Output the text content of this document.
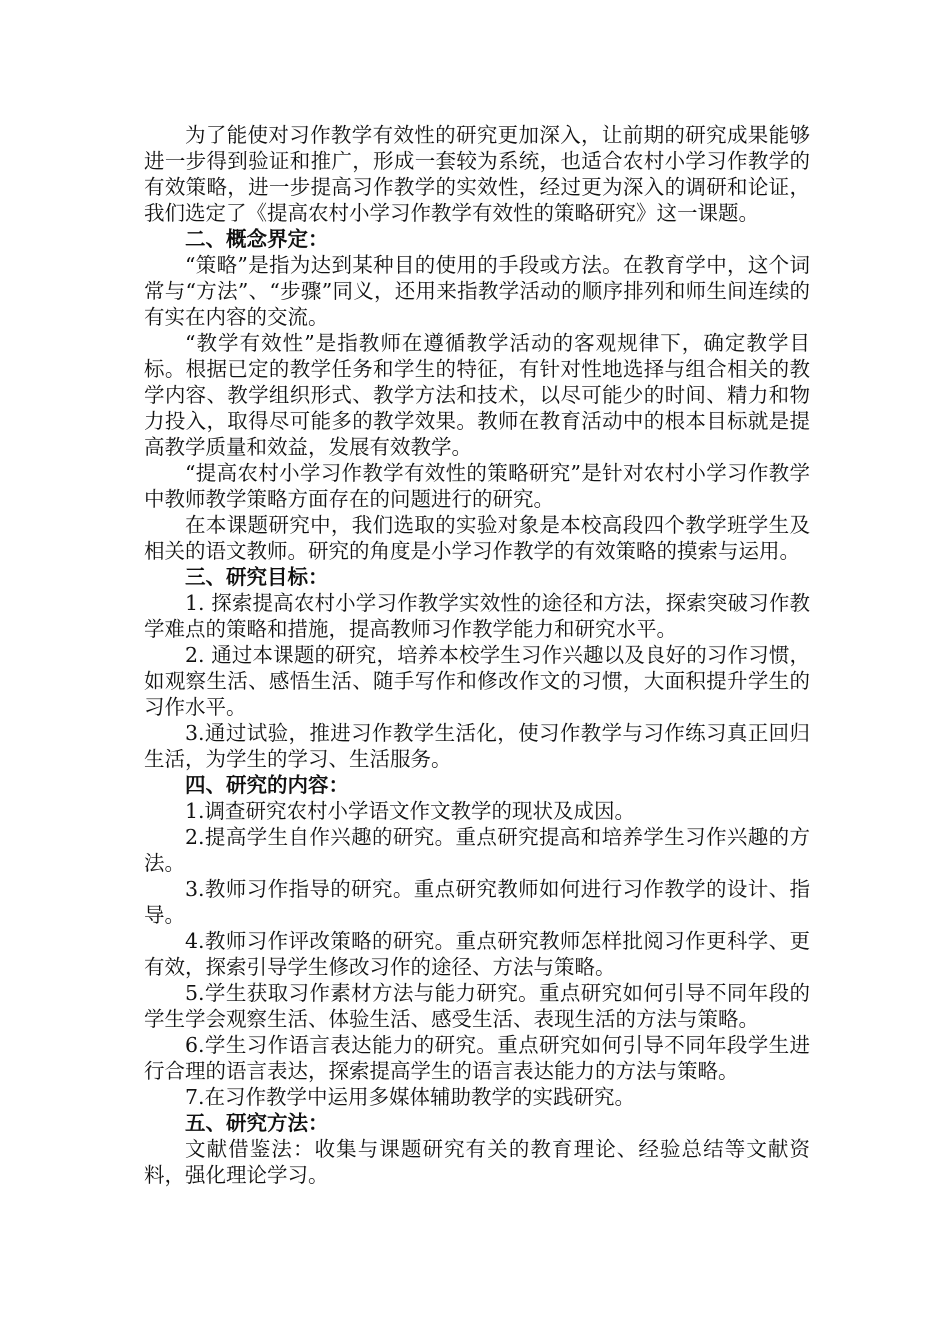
为了能使对习作教学有效性的研究更加深入，让前期的研究成果能够进一步得到验证和推广，形成一套较为系统，也适合农村小学习作教学的有效策略，进一步提高习作教学的实效性，经过更为深入的调研和论证，我们选定了《提高农村小学习作教学有效性的策略研究》这一课题。

二、概念界定：

“策略”是指为达到某种目的使用的手段或方法。在教育学中，这个词常与“方法”、“步骤”同义，还用来指教学活动的顺序排列和师生间连续的有实在内容的交流。

“教学有效性”是指教师在遵循教学活动的客观规律下，确定教学目标。根据已定的教学任务和学生的特征，有针对性地选择与组合相关的教学内容、教学组织形式、教学方法和技术，以尽可能少的时间、精力和物力投入，取得尽可能多的教学效果。教师在教育活动中的根本目标就是提高教学质量和效益，发展有效教学。

“提高农村小学习作教学有效性的策略研究”是针对农村小学习作教学中教师教学策略方面存在的问题进行的研究。

在本课题研究中，我们选取的实验对象是本校高段四个教学班学生及相关的语文教师。研究的角度是小学习作教学的有效策略的摸索与运用。

三、研究目标：

1. 探索提高农村小学习作教学实效性的途径和方法，探索突破习作教学难点的策略和措施，提高教师习作教学能力和研究水平。

2. 通过本课题的研究，培养本校学生习作兴趣以及良好的习作习惯，如观察生活、感悟生活、随手写作和修改作文的习惯，大面积提升学生的习作水平。

3.通过试验，推进习作教学生活化，使习作教学与习作练习真正回归生活，为学生的学习、生活服务。

四、研究的内容：

1.调查研究农村小学语文作文教学的现状及成因。

2.提高学生自作兴趣的研究。重点研究提高和培养学生习作兴趣的方法。

3.教师习作指导的研究。重点研究教师如何进行习作教学的设计、指导。

4.教师习作评改策略的研究。重点研究教师怎样批阅习作更科学、更有效，探索引导学生修改习作的途径、方法与策略。

5.学生获取习作素材方法与能力研究。重点研究如何引导不同年段的学生学会观察生活、体验生活、感受生活、表现生活的方法与策略。

6.学生习作语言表达能力的研究。重点研究如何引导不同年段学生进行合理的语言表达，探索提高学生的语言表达能力的方法与策略。

7.在习作教学中运用多媒体辅助教学的实践研究。

五、研究方法：

文献借鉴法：收集与课题研究有关的教育理论、经验总结等文献资料，强化理论学习。
